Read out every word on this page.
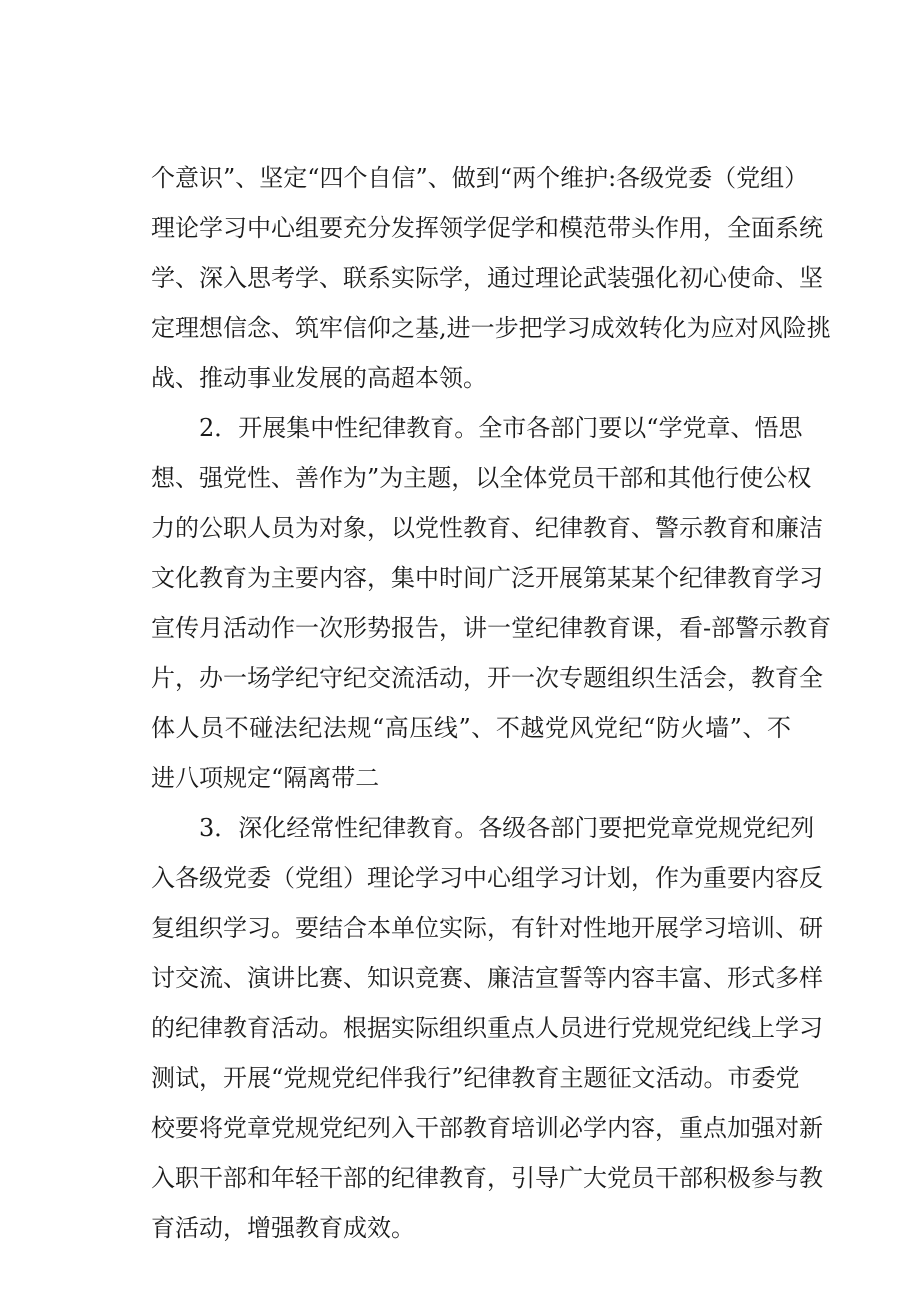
个意识”、坚定“四个自信”、做到“两个维护:各级党委（党组）
理论学习中心组要充分发挥领学促学和模范带头作用，全面系统
学、深入思考学、联系实际学，通过理论武装强化初心使命、坚
定理想信念、筑牢信仰之基,进一步把学习成效转化为应对风险挑
战、推动事业发展的高超本领。
2．开展集中性纪律教育。全市各部门要以“学党章、悟思
想、强党性、善作为”为主题，以全体党员干部和其他行使公权
力的公职人员为对象，以党性教育、纪律教育、警示教育和廉洁
文化教育为主要内容，集中时间广泛开展第某某个纪律教育学习
宣传月活动作一次形势报告，讲一堂纪律教育课，看-部警示教育
片，办一场学纪守纪交流活动，开一次专题组织生活会，教育全
体人员不碰法纪法规“高压线”、不越党风党纪“防火墙”、不
进八项规定“隔离带二
3．深化经常性纪律教育。各级各部门要把党章党规党纪列
入各级党委（党组）理论学习中心组学习计划，作为重要内容反
复组织学习。要结合本单位实际，有针对性地开展学习培训、研
讨交流、演讲比赛、知识竞赛、廉洁宣誓等内容丰富、形式多样
的纪律教育活动。根据实际组织重点人员进行党规党纪线上学习
测试，开展“党规党纪伴我行”纪律教育主题征文活动。市委党
校要将党章党规党纪列入干部教育培训必学内容，重点加强对新
入职干部和年轻干部的纪律教育，引导广大党员干部积极参与教
育活动，增强教育成效。
